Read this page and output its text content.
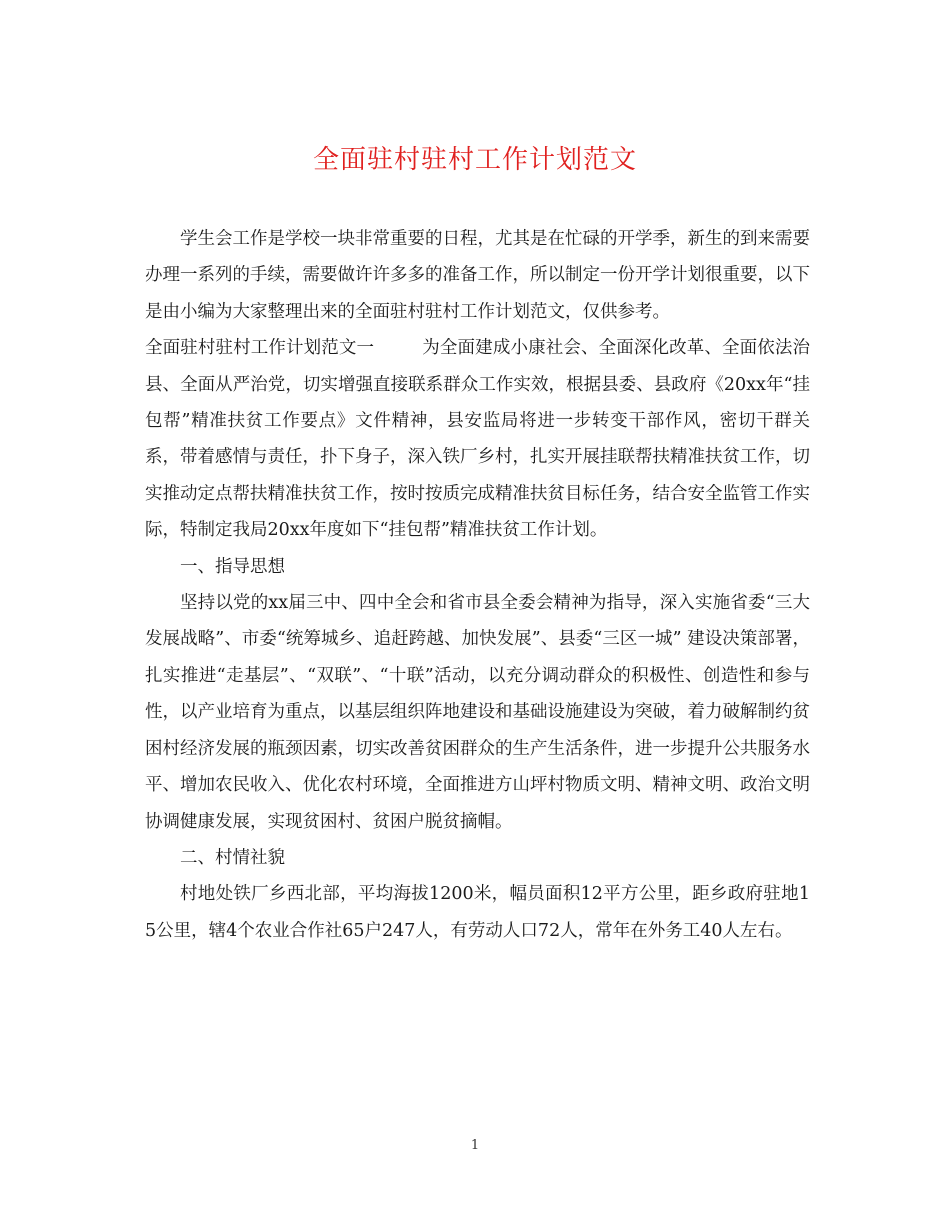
全面驻村驻村工作计划范文

学生会工作是学校一块非常重要的日程，尤其是在忙碌的开学季，新生的到来需要办理一系列的手续，需要做许许多多的准备工作，所以制定一份开学计划很重要，以下是由小编为大家整理出来的全面驻村驻村工作计划范文，仅供参考。

全面驻村驻村工作计划范文一	为全面建成小康社会、全面深化改革、全面依法治县、全面从严治党，切实增强直接联系群众工作实效，根据县委、县政府《20xx年“挂包帮”精准扶贫工作要点》文件精神，县安监局将进一步转变干部作风，密切干群关系，带着感情与责任，扑下身子，深入铁厂乡村，扎实开展挂联帮扶精准扶贫工作，切实推动定点帮扶精准扶贫工作，按时按质完成精准扶贫目标任务，结合安全监管工作实际，特制定我局20xx年度如下“挂包帮”精准扶贫工作计划。

一、指导思想

坚持以党的xx届三中、四中全会和省市县全委会精神为指导，深入实施省委“三大发展战略”、市委“统筹城乡、追赶跨越、加快发展”、县委“三区一城” 建设决策部署，扎实推进“走基层”、“双联”、“十联”活动，以充分调动群众的积极性、创造性和参与性，以产业培育为重点，以基层组织阵地建设和基础设施建设为突破，着力破解制约贫困村经济发展的瓶颈因素，切实改善贫困群众的生产生活条件，进一步提升公共服务水平、增加农民收入、优化农村环境，全面推进方山坪村物质文明、精神文明、政治文明协调健康发展，实现贫困村、贫困户脱贫摘帽。

二、村情社貌

村地处铁厂乡西北部，平均海拔1200米，幅员面积12平方公里，距乡政府驻地15公里，辖4个农业合作社65户247人，有劳动人口72人，常年在外务工40人左右。

1
